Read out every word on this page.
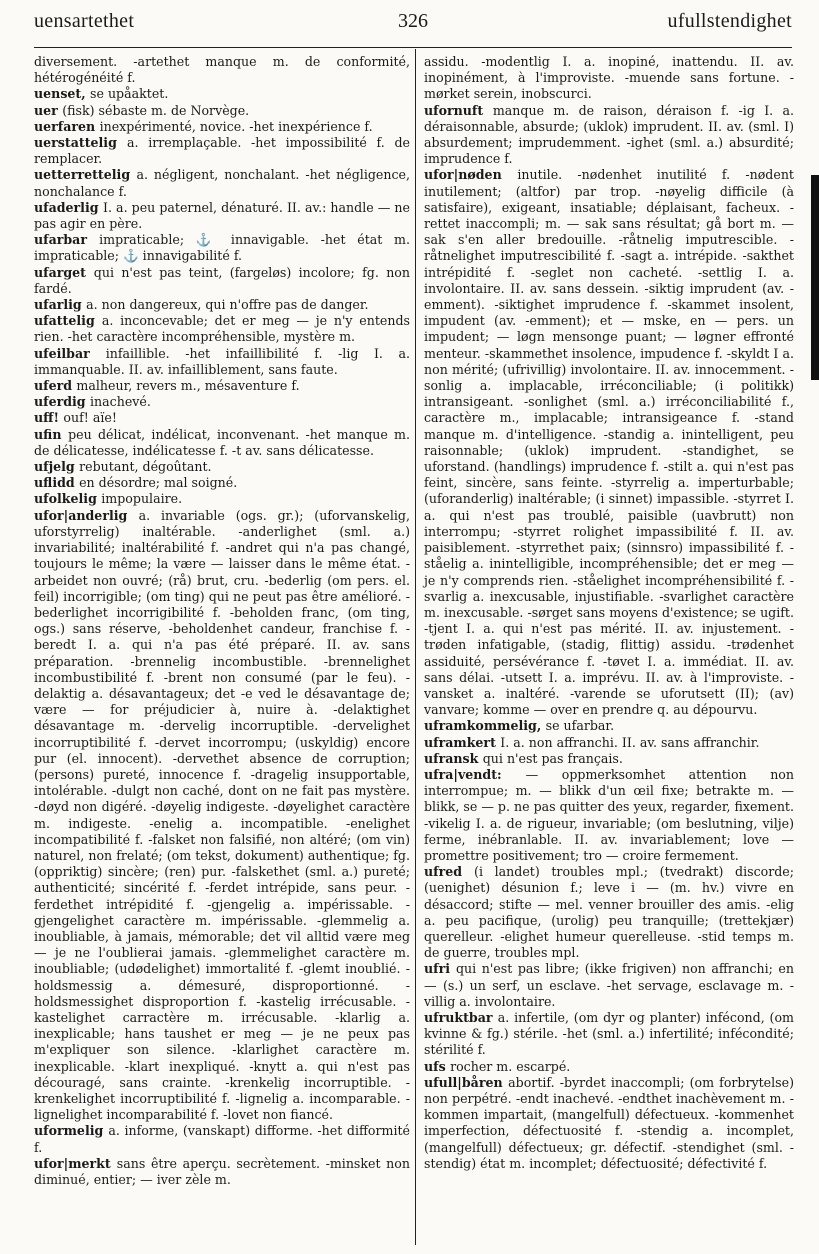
uensartethet	326	ufullstendighet

diversement. -artethet manque m. de conformité, hétérogénéité f.

uenset, se upåaktet.

uer (fisk) sébaste m. de Norvège.

uerfaren inexpérimenté, novice. -het inexpérience f.

uerstattelig a. irremplaçable. -het impossibilité f. de remplacer.

uetterrettelig a. négligent, nonchalant. -het négligence, nonchalance f.

ufaderlig I. a. peu paternel, dénaturé. II. av.: handle — ne pas agir en père.

ufarbar impraticable; ⚓ innavigable. -het état m. impraticable; ⚓ innavigabilité f.

ufarget qui n'est pas teint, (fargeløs) incolore; fg. non fardé.

ufarlig a. non dangereux, qui n'offre pas de danger.

ufattelig a. inconcevable; det er meg — je n'y entends rien. -het caractère incompréhensible, mystère m.

ufeilbar infaillible. -het infaillibilité f. -lig I. a. immanquable. II. av. infailliblement, sans faute.

uferd malheur, revers m., mésaventure f.

uferdig inachevé.

uff! ouf! aïe!

ufin peu délicat, indélicat, inconvenant. -het manque m. de délicatesse, indélicatesse f. -t av. sans délicatesse.

ufjelg rebutant, dégoûtant.

uflidd en désordre; mal soigné.

ufolkelig impopulaire.

ufor|anderlig a. invariable (ogs. gr.); (uforvanskelig, uforstyrrelig) inaltérable. -anderlighet (sml. a.) invariabilité; inaltérabilité f. -andret qui n'a pas changé, toujours le même; la være — laisser dans le même état. -arbeidet non ouvré; (rå) brut, cru. -bederlig (om pers. el. feil) incorrigible; (om ting) qui ne peut pas être amélioré. -bederlighet incorrigibilité f. -beholden franc, (om ting, ogs.) sans réserve, -beholdenhet candeur, franchise f. -beredt I. a. qui n'a pas été préparé. II. av. sans préparation. -brennelig incombustible. -brennelighet incombustibilité f. -brent non consumé (par le feu). -delaktig a. désavantageux; det -e ved le désavantage de; være — for préjudicier à, nuire à. -delaktighet désavantage m. -dervelig incorruptible. -dervelighet incorruptibilité f. -dervet incorrompu; (uskyldig) encore pur (el. innocent). -dervethet absence de corruption; (persons) pureté, innocence f. -dragelig insupportable, intolérable. -dulgt non caché, dont on ne fait pas mystère. -døyd non digéré. -døyelig indigeste. -døyelighet caractère m. indigeste. -enelig a. incompatible. -enelighet incompatibilité f. -falsket non falsifié, non altéré; (om vin) naturel, non frelaté; (om tekst, dokument) authentique; fg. (oppriktig) sincère; (ren) pur. -falskethet (sml. a.) pureté; authenticité; sincérité f. -ferdet intrépide, sans peur. -ferdethet intrépidité f. -gjengelig a. impérissable. -gjengelighet caractère m. impérissable. -glemmelig a. inoubliable, à jamais, mémorable; det vil alltid være meg — je ne l'oublierai jamais. -glemmelighet caractère m. inoubliable; (udødelighet) immortalité f. -glemt inoublié. -holdsmessig a. démesuré, disproportionné. -holdsmessighet disproportion f. -kastelig irrécusable. -kastelighet carractère m. irrécusable. -klarlig a. inexplicable; hans taushet er meg — je ne peux pas m'expliquer son silence. -klarlighet caractère m. inexplicable. -klart inexpliqué. -knytt a. qui n'est pas découragé, sans crainte. -krenkelig incorruptible. -krenkelighet incorruptibilité f. -lignelig a. incomparable. -lignelighet incomparabilité f. -lovet non fiancé.

uformelig a. informe, (vanskapt) difforme. -het difformité f.

ufor|merkt sans être aperçu. secrètement. -minsket non diminué, entier; — iver zèle m.

assidu. -modentlig I. a. inopiné, inattendu. II. av. inopinément, à l'improviste. -muende sans fortune. -mørket serein, inobscurci.

ufornuft manque m. de raison, déraison f. -ig I. a. déraisonnable, absurde; (uklok) imprudent. II. av. (sml. I) absurdement; imprudemment. -ighet (sml. a.) absurdité; imprudence f.

ufor|nøden inutile. -nødenhet inutilité f. -nødent inutilement; (altfor) par trop. -nøyelig difficile (à satisfaire), exigeant, insatiable; déplaisant, facheux. -rettet inaccompli; m. — sak sans résultat; gå bort m. — sak s'en aller bredouille. -råtnelig imputrescible. -råtnelighet imputrescibilité f. -sagt a. intrépide. -sakthet intrépidité f. -seglet non cacheté. -settlig I. a. involontaire. II. av. sans dessein. -siktig imprudent (av. -emment). -siktighet imprudence f. -skammet insolent, impudent (av. -emment); et — mske, en — pers. un impudent; — løgn mensonge puant; — løgner effronté menteur. -skammethet insolence, impudence f. -skyldt I a. non mérité; (ufrivillig) involontaire. II. av. innocemment. -sonlig a. implacable, irréconciliable; (i politikk) intransigeant. -sonlighet (sml. a.) irréconciliabilité f., caractère m., implacable; intransigeance f. -stand manque m. d'intelligence. -standig a. inintelligent, peu raisonnable; (uklok) imprudent. -standighet, se uforstand. (handlings) imprudence f. -stilt a. qui n'est pas feint, sincère, sans feinte. -styrrelig a. imperturbable; (uforanderlig) inaltérable; (i sinnet) impassible. -styrret I. a. qui n'est pas troublé, paisible (uavbrutt) non interrompu; -styrret rolighet impassibilité f. II. av. paisiblement. -styrrethet paix; (sinnsro) impassibilité f. -ståelig a. inintelligible, incompréhensible; det er meg — je n'y comprends rien. -ståelighet incompréhensibilité f. -svarlig a. inexcusable, injustifiable. -svarlighet caractère m. inexcusable. -sørget sans moyens d'existence; se ugift. -tjent I. a. qui n'est pas mérité. II. av. injustement. -trøden infatigable, (stadig, flittig) assidu. -trødenhet assiduité, persévérance f. -tøvet I. a. immédiat. II. av. sans délai. -utsett I. a. imprévu. II. av. à l'improviste. -vansket a. inaltéré. -varende se uforutsett (II); (av) vanvare; komme — over en prendre q. au dépourvu.

uframkommelig, se ufarbar.

uframkert I. a. non affranchi. II. av. sans affranchir.

ufransk qui n'est pas français.

ufra|vendt: — oppmerksomhet attention non interrompue; m. — blikk d'un œil fixe; betrakte m. — blikk, se — p. ne pas quitter des yeux, regarder, fixement. -vikelig I. a. de rigueur, invariable; (om beslutning, vilje) ferme, inébranlable. II. av. invariablement; love — promettre positivement; tro — croire fermement.

ufred (i landet) troubles mpl.; (tvedrakt) discorde; (uenighet) désunion f.; leve i — (m. hv.) vivre en désaccord; stifte — mel. venner brouiller des amis. -elig a. peu pacifique, (urolig) peu tranquille; (trettekjær) querelleur. -elighet humeur querelleuse. -stid temps m. de guerre, troubles mpl.

ufri qui n'est pas libre; (ikke frigiven) non affranchi; en — (s.) un serf, un esclave. -het servage, esclavage m. -villig a. involontaire.

ufruktbar a. infertile, (om dyr og planter) infécond, (om kvinne & fg.) stérile. -het (sml. a.) infertilité; infécondité; stérilité f.

ufs rocher m. escarpé.

ufull|båren abortif. -byrdet inaccompli; (om forbrytelse) non perpétré. -endt inachevé. -endthet inachèvement m. -kommen impartait, (mangelfull) défectueux. -kommenhet imperfection, défectuosité f. -stendig a. incomplet, (mangelfull) défectueux; gr. défectif. -stendighet (sml. -stendig) état m. incomplet; défectuosité; défectivité f.
